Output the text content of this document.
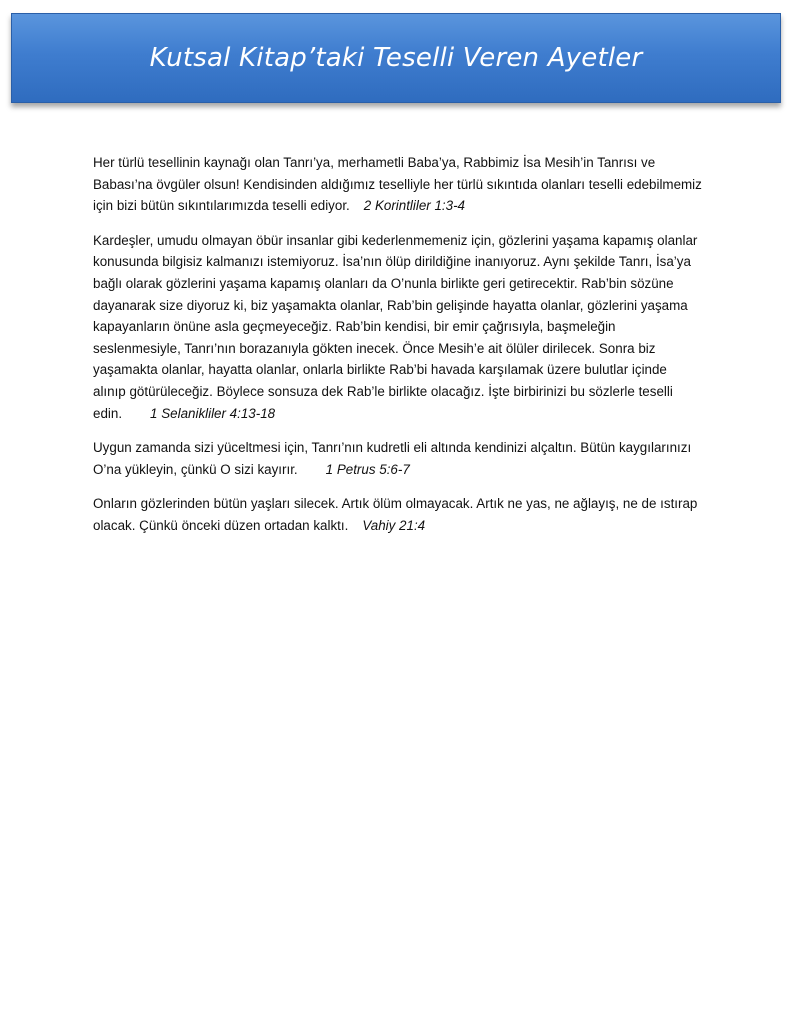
Kutsal Kitap’taki Teselli Veren Ayetler

Her türlü tesellinin kaynağı olan Tanrı’ya, merhametli Baba’ya, Rabbimiz İsa Mesih’in Tanrısı ve Babası’na övgüler olsun! Kendisinden aldığımız teselliyle her türlü sıkıntıda olanları teselli edebilmemiz için bizi bütün sıkıntılarımızda teselli ediyor. 2 Korintliler 1:3-4

Kardeşler, umudu olmayan öbür insanlar gibi kederlenmemeniz için, gözlerini yaşama kapamış olanlar konusunda bilgisiz kalmanızı istemiyoruz. İsa’nın ölüp dirildiğine inanıyoruz. Aynı şekilde Tanrı, İsa’ya bağlı olarak gözlerini yaşama kapamış olanları da O’nunla birlikte geri getirecektir. Rab’bin sözüne dayanarak size diyoruz ki, biz yaşamakta olanlar, Rab’bin gelişinde hayatta olanlar, gözlerini yaşama kapayanların önüne asla geçmeyeceğiz. Rab’bin kendisi, bir emir çağrısıyla, başmeleğin seslenmesiyle, Tanrı’nın borazanıyla gökten inecek. Önce Mesih’e ait ölüler dirilecek. Sonra biz yaşamakta olanlar, hayatta olanlar, onlarla birlikte Rab’bi havada karşılamak üzere bulutlar içinde alınıp götürüleceğiz. Böylece sonsuza dek Rab’le birlikte olacağız. İşte birbirinizi bu sözlerle teselli edin. 1 Selanikliler 4:13-18

Uygun zamanda sizi yüceltmesi için, Tanrı’nın kudretli eli altında kendinizi alçaltın. Bütün kaygılarınızı O’na yükleyin, çünkü O sizi kayırır. 1 Petrus 5:6-7

Onların gözlerinden bütün yaşları silecek. Artık ölüm olmayacak. Artık ne yas, ne ağlayış, ne de ıstırap olacak. Çünkü önceki düzen ortadan kalktı. Vahiy 21:4
